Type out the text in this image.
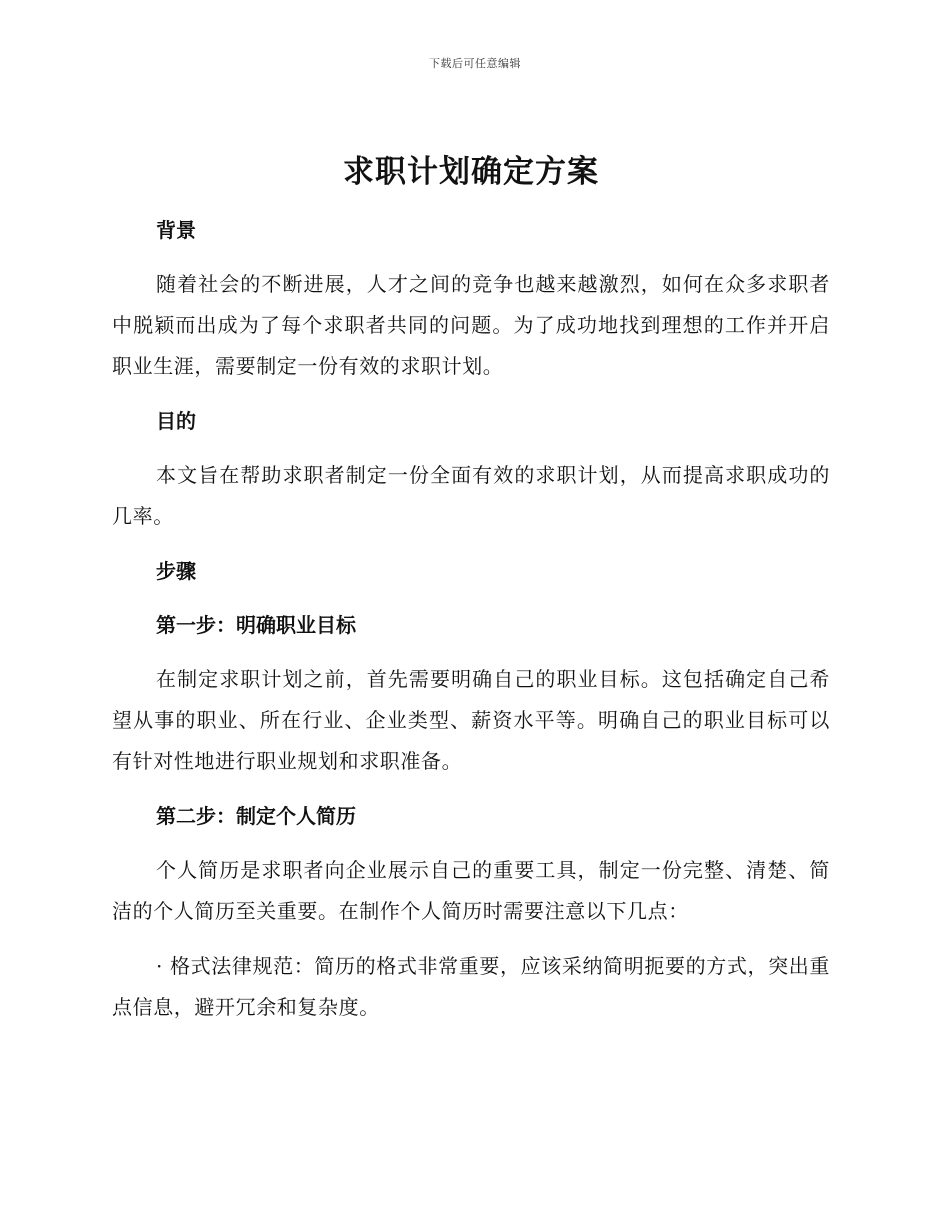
下载后可任意编辑
求职计划确定方案
背景

随着社会的不断进展，人才之间的竞争也越来越激烈，如何在众多求职者中脱颖而出成为了每个求职者共同的问题。为了成功地找到理想的工作并开启职业生涯，需要制定一份有效的求职计划。

目的

本文旨在帮助求职者制定一份全面有效的求职计划，从而提高求职成功的几率。

步骤
第一步：明确职业目标

在制定求职计划之前，首先需要明确自己的职业目标。这包括确定自己希望从事的职业、所在行业、企业类型、薪资水平等。明确自己的职业目标可以有针对性地进行职业规划和求职准备。

第二步：制定个人简历

个人简历是求职者向企业展示自己的重要工具，制定一份完整、清楚、简洁的个人简历至关重要。在制作个人简历时需要注意以下几点：

· 格式法律规范：简历的格式非常重要，应该采纳简明扼要的方式，突出重点信息，避开冗余和复杂度。
